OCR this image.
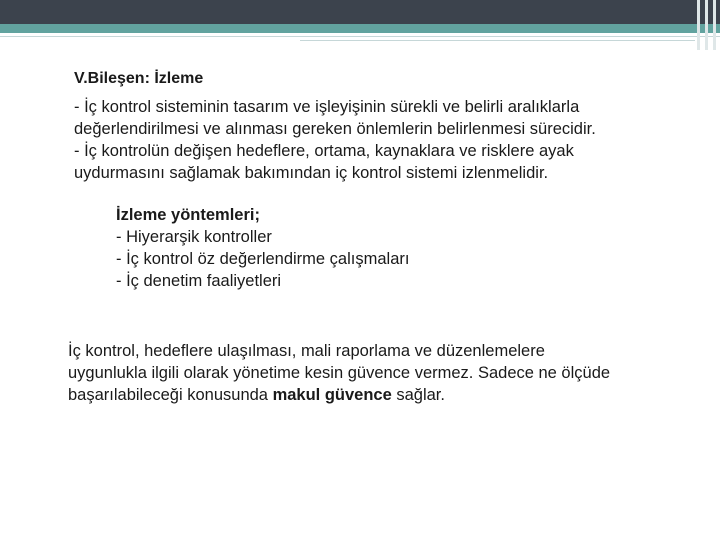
V.Bileşen: İzleme

- İç kontrol sisteminin tasarım ve işleyişinin sürekli ve belirli aralıklarla

değerlendirilmesi ve alınması gereken önlemlerin belirlenmesi sürecidir.

- İç kontrolün değişen hedeflere, ortama, kaynaklara ve risklere ayak

uydurmasını sağlamak bakımından iç kontrol sistemi izlenmelidir.

İzleme yöntemleri;
- Hiyerarşik kontroller
- İç kontrol öz değerlendirme çalışmaları
- İç denetim faaliyetleri
İç kontrol, hedeflere ulaşılması, mali raporlama ve düzenlemelere
uygunlukla ilgili olarak yönetime kesin güvence vermez. Sadece ne ölçüde
başarılabileceği konusunda makul güvence sağlar.
